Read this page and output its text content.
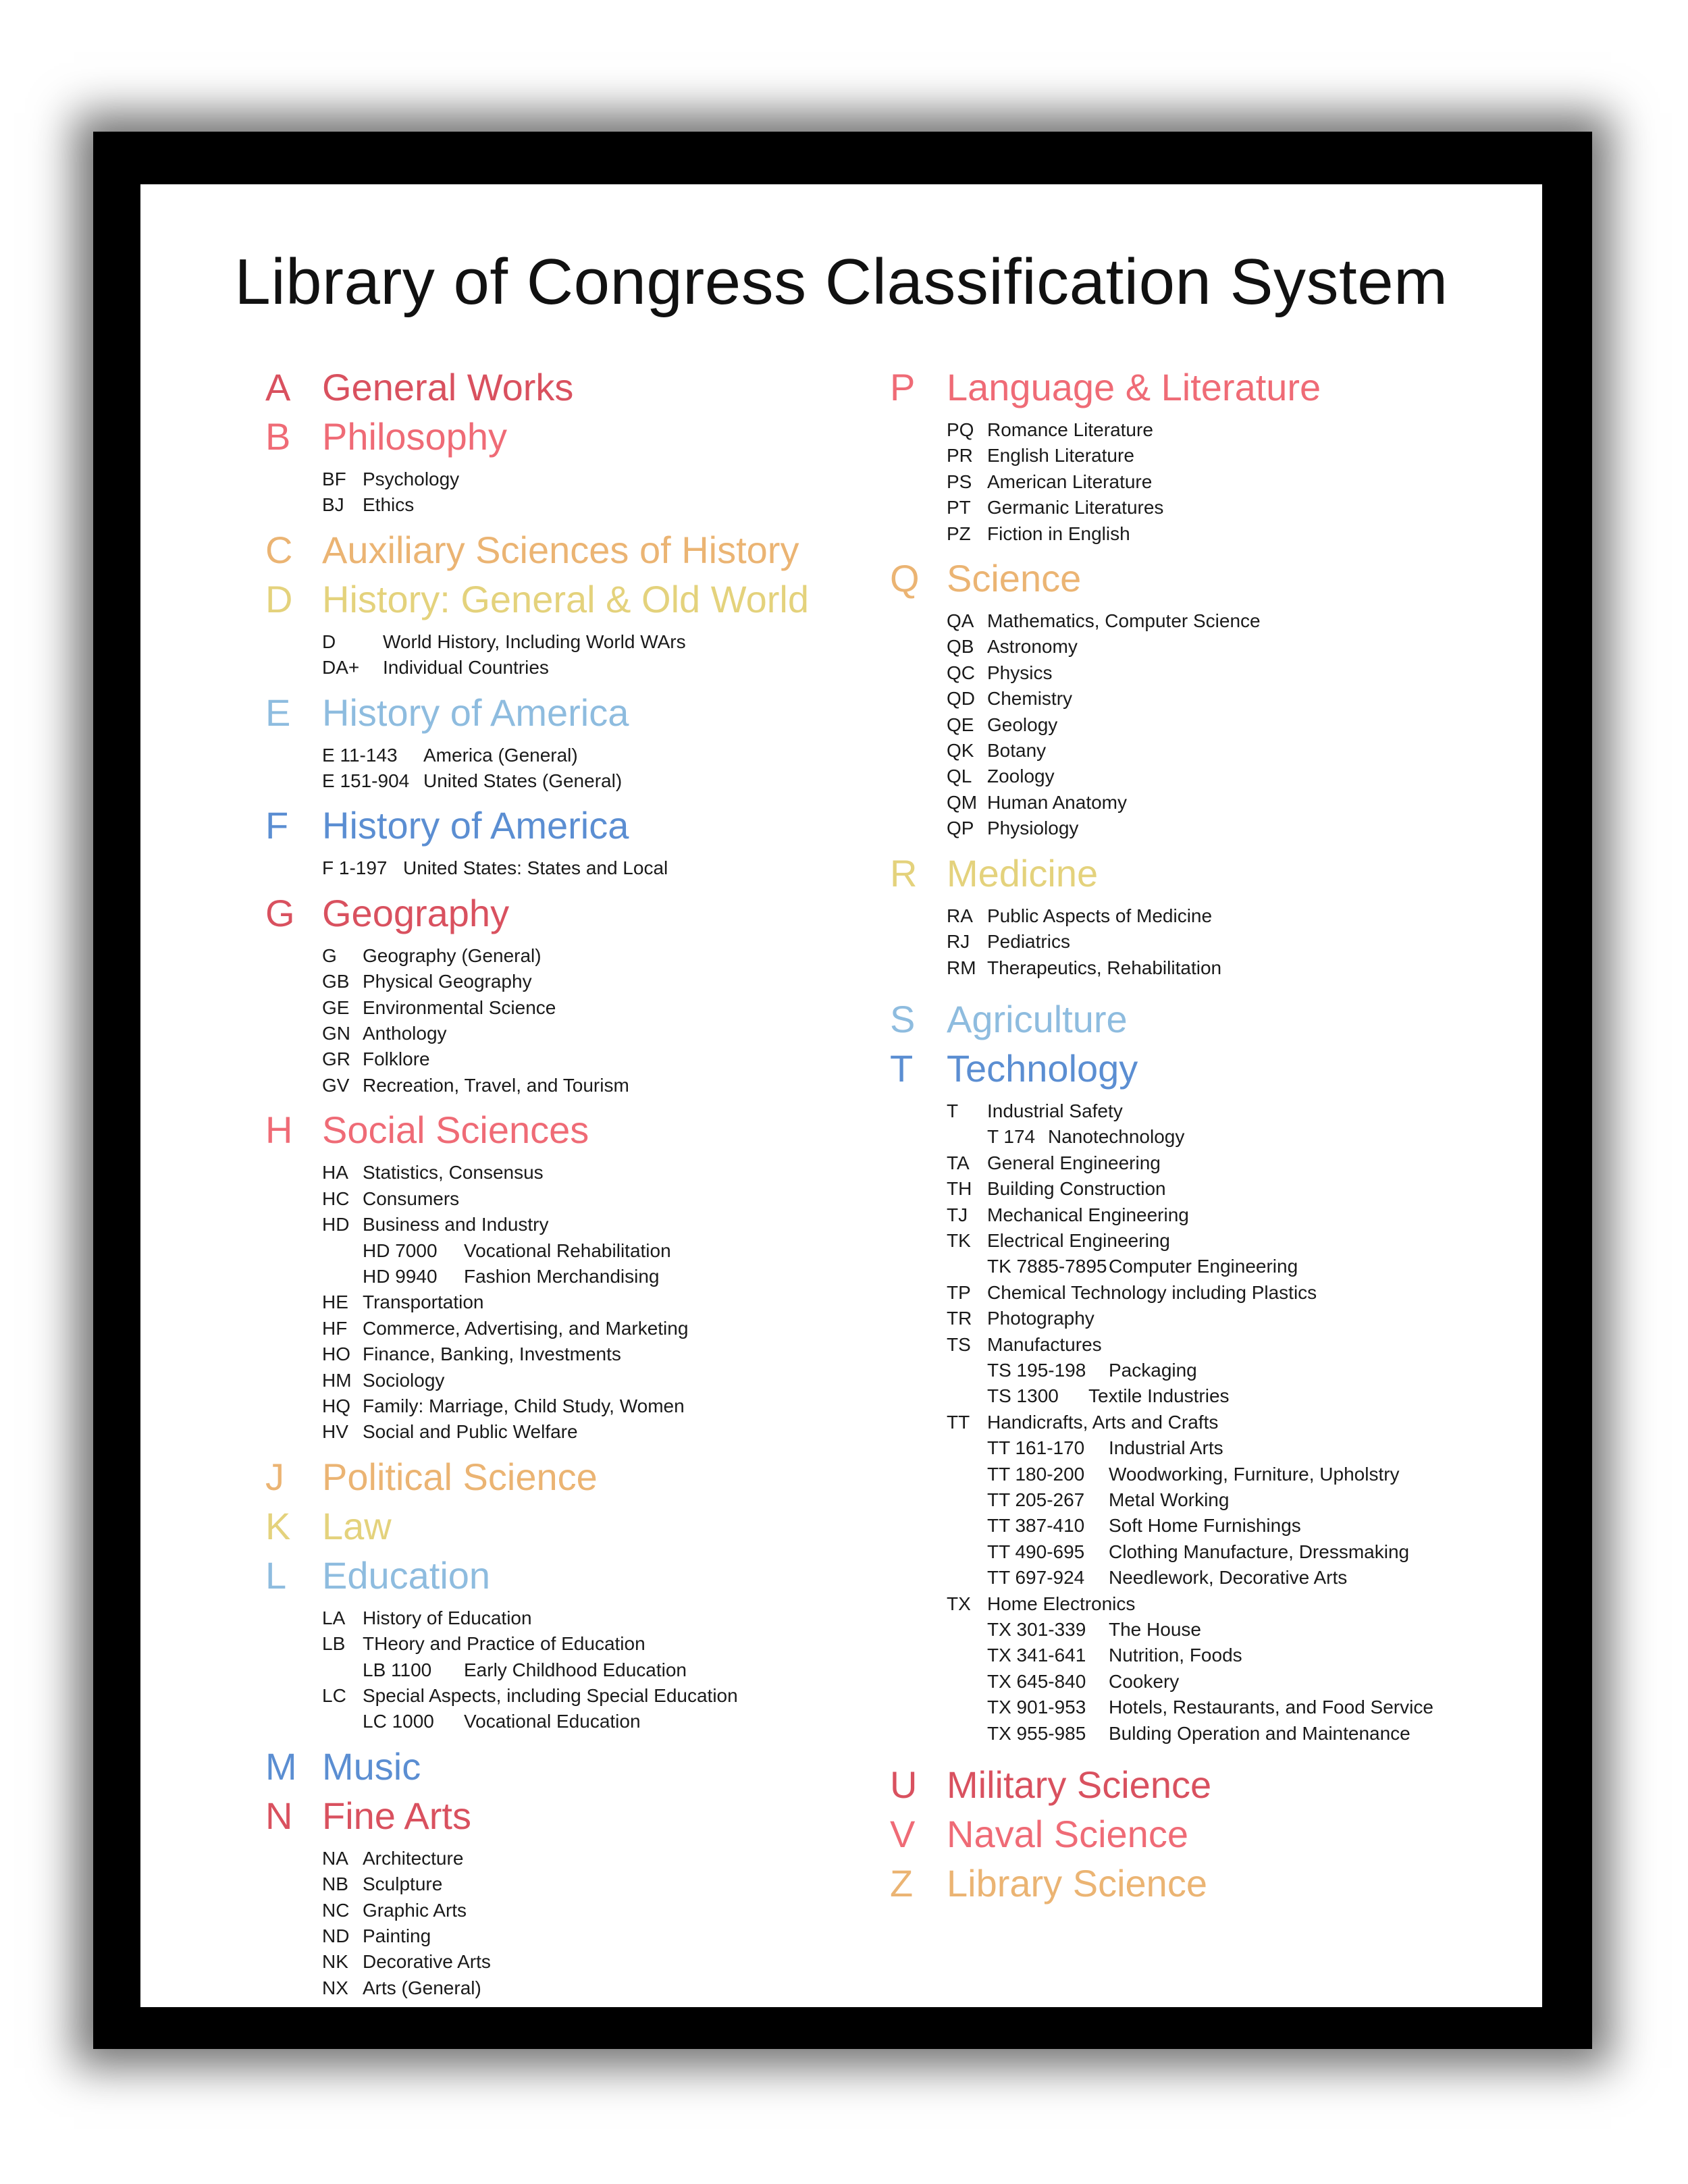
Library of Congress Classification System
A General Works
B Philosophy
BF Psychology
BJ Ethics
C Auxiliary Sciences of History
D History: General & Old World
D	World History, Including World WArs
DA+	Individual Countries
E History of America
E 11-143	America (General)
E 151-904 United States (General)
F History of America
F 1-197 United States: States and Local
G Geography
G	Geography (General)
GB Physical Geography
GE Environmental Science
GN Anthology
GR Folklore
GV Recreation, Travel, and Tourism
H Social Sciences
HA Statistics, Consensus
HC Consumers
HD Business and Industry
HD 7000	Vocational Rehabilitation
HD 9940	Fashion Merchandising
HE Transportation
HF Commerce, Advertising, and Marketing
HO Finance, Banking, Investments
HM Sociology
HQ Family: Marriage, Child Study, Women
HV Social and Public Welfare
J	Political Science
K Law
L Education
LA History of Education
LB THeory and Practice of Education
LB 1100	Early Childhood Education
LC Special Aspects, including Special Education
LC 1000	Vocational Education
M Music
N Fine Arts
NA Architecture
NB Sculpture
NC Graphic Arts
ND Painting
NK Decorative Arts
NX Arts (General)
P Language & Literature
PQ Romance Literature
PR English Literature
PS American Literature
PT Germanic Literatures
PZ Fiction in English
Q Science
QA Mathematics, Computer Science
QB Astronomy
QC Physics
QD Chemistry
QE Geology
QK Botany
QL Zoology
QM Human Anatomy
QP Physiology
R Medicine
RA Public Aspects of Medicine
RJ Pediatrics
RM Therapeutics, Rehabilitation
S Agriculture
T Technology
T	Industrial Safety
T 174 Nanotechnology
TA General Engineering
TH Building Construction
TJ	Mechanical Engineering
TK Electrical Engineering
TK 7885-7895 Computer Engineering
TP Chemical Technology including Plastics
TR Photography
TS Manufactures
TS 195-198	Packaging
TS 1300	Textile Industries
TT Handicrafts, Arts and Crafts
TT 161-170	Industrial Arts
TT 180-200	Woodworking, Furniture, Upholstry
TT 205-267	Metal Working
TT 387-410	Soft Home Furnishings
TT 490-695	Clothing Manufacture, Dressmaking
TT 697-924	Needlework, Decorative Arts
TX Home Electronics
TX 301-339	The House
TX 341-641	Nutrition, Foods
TX 645-840	Cookery
TX 901-953	Hotels, Restaurants, and Food Service
TX 955-985	Bulding Operation and Maintenance
U Military Science
V Naval Science
Z Library Science
